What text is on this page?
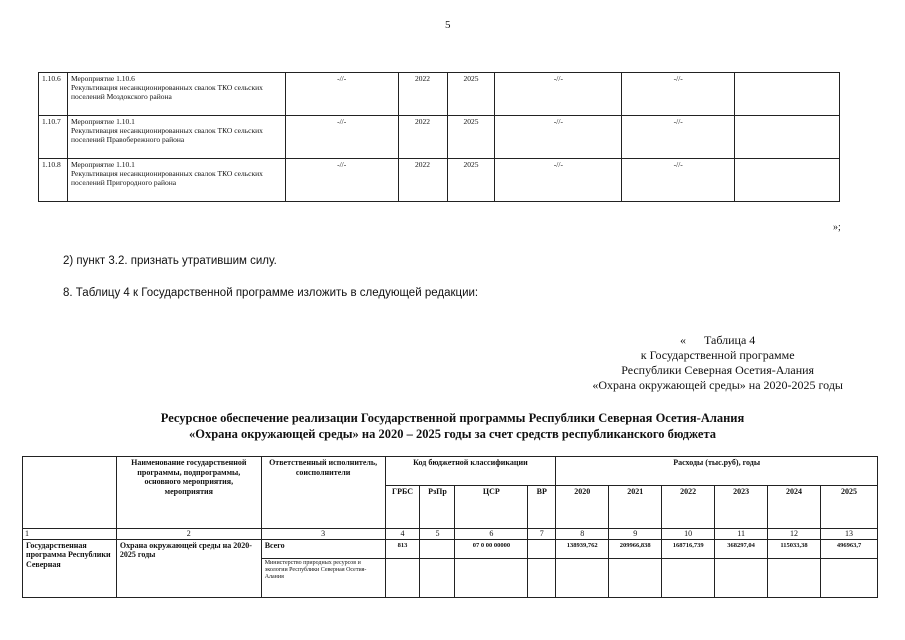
5
1.10.6	Мероприятие 1.10.6
Рекультивация несанкционированных свалок ТКО сельских поселений Моздокского района	-//-	2022	2025	-//-	-//-	
1.10.7	Мероприятие 1.10.1
Рекультивация несанкционированных свалок ТКО сельских поселений Правобережного района	-//-	2022	2025	-//-	-//-	
1.10.8	Мероприятие 1.10.1
Рекультивация несанкционированных свалок ТКО сельских поселений Пригородного района	-//-	2022	2025	-//-	-//-	
»;
2) пункт 3.2. признать утратившим силу.
8. Таблицу 4 к Государственной программе изложить в следующей редакции:
«      Таблица 4
к Государственной программе
Республики Северная Осетия-Алания
«Охрана окружающей среды» на 2020-2025 годы
Ресурсное обеспечение реализации Государственной программы Республики Северная Осетия-Алания
«Охрана окружающей среды» на 2020 – 2025 годы за счет средств республиканского бюджета
	Наименование государственной программы, подпрограммы, основного мероприятия, мероприятия	Ответственный исполнитель, соисполнители	Код бюджетной классификации				Расходы (тыс.руб), годы					
			ГРБС	РзПр	ЦСР	ВР	2020	2021	2022	2023	2024	2025
1	2	3	4	5	6	7	8	9	10	11	12	13
Государственная программа Республики Северная	Охрана окружающей среды на 2020-2025 годы	Всего	813		07 0 00 00000		138939,762	209966,838	168716,739	368297,04	115033,38	496963,7
		Министерство природных ресурсов и экологии Республики Северная Осетия-Алания										
